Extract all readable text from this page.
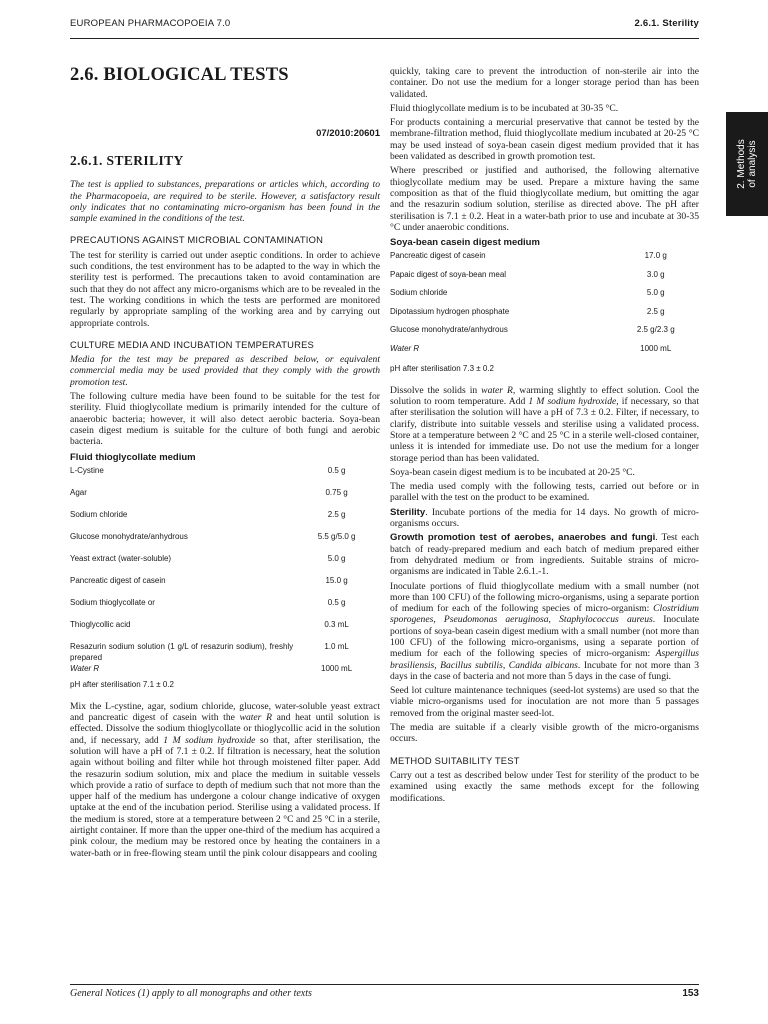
EUROPEAN PHARMACOPOEIA 7.0	2.6.1. Sterility
2. Methods of analysis
2.6. BIOLOGICAL TESTS
07/2010:20601
2.6.1. STERILITY

The test is applied to substances, preparations or articles which, according to the Pharmacopoeia, are required to be sterile. However, a satisfactory result only indicates that no contaminating micro-organism has been found in the sample examined in the conditions of the test.

PRECAUTIONS AGAINST MICROBIAL CONTAMINATION

The test for sterility is carried out under aseptic conditions. In order to achieve such conditions, the test environment has to be adapted to the way in which the sterility test is performed. The precautions taken to avoid contamination are such that they do not affect any micro-organisms which are to be revealed in the test. The working conditions in which the tests are performed are monitored regularly by appropriate sampling of the working area and by carrying out appropriate controls.

CULTURE MEDIA AND INCUBATION TEMPERATURES

Media for the test may be prepared as described below, or equivalent commercial media may be used provided that they comply with the growth promotion test.

The following culture media have been found to be suitable for the test for sterility. Fluid thioglycollate medium is primarily intended for the culture of anaerobic bacteria; however, it will also detect aerobic bacteria. Soya-bean casein digest medium is suitable for the culture of both fungi and aerobic bacteria.

Fluid thioglycollate medium
L-Cystine	0.5 g
Agar	0.75 g
Sodium chloride	2.5 g
Glucose monohydrate/anhydrous	5.5 g/5.0 g
Yeast extract (water-soluble)	5.0 g
Pancreatic digest of casein	15.0 g
Sodium thioglycollate or	0.5 g
Thioglycollic acid	0.3 mL
Resazurin sodium solution (1 g/L of resazurin sodium), freshly prepared	1.0 mL
Water R	1000 mL
pH after sterilisation 7.1 ± 0.2

Mix the L-cystine, agar, sodium chloride, glucose, water-soluble yeast extract and pancreatic digest of casein with the water R and heat until solution is effected. Dissolve the sodium thioglycollate or thioglycollic acid in the solution and, if necessary, add 1 M sodium hydroxide so that, after sterilisation, the solution will have a pH of 7.1 ± 0.2. If filtration is necessary, heat the solution again without boiling and filter while hot through moistened filter paper. Add the resazurin sodium solution, mix and place the medium in suitable vessels which provide a ratio of surface to depth of medium such that not more than the upper half of the medium has undergone a colour change indicative of oxygen uptake at the end of the incubation period. Sterilise using a validated process. If the medium is stored, store at a temperature between 2 °C and 25 °C in a sterile, airtight container. If more than the upper one-third of the medium has acquired a pink colour, the medium may be restored once by heating the containers in a water-bath or in free-flowing steam until the pink colour disappears and cooling

quickly, taking care to prevent the introduction of non-sterile air into the container. Do not use the medium for a longer storage period than has been validated.

Fluid thioglycollate medium is to be incubated at 30-35 °C.

For products containing a mercurial preservative that cannot be tested by the membrane-filtration method, fluid thioglycollate medium incubated at 20-25 °C may be used instead of soya-bean casein digest medium provided that it has been validated as described in growth promotion test.

Where prescribed or justified and authorised, the following alternative thioglycollate medium may be used. Prepare a mixture having the same composition as that of the fluid thioglycollate medium, but omitting the agar and the resazurin sodium solution, sterilise as directed above. The pH after sterilisation is 7.1 ± 0.2. Heat in a water-bath prior to use and incubate at 30-35 °C under anaerobic conditions.

Soya-bean casein digest medium
Pancreatic digest of casein	17.0 g
Papaic digest of soya-bean meal	3.0 g
Sodium chloride	5.0 g
Dipotassium hydrogen phosphate	2.5 g
Glucose monohydrate/anhydrous	2.5 g/2.3 g
Water R	1000 mL
pH after sterilisation 7.3 ± 0.2

Dissolve the solids in water R, warming slightly to effect solution. Cool the solution to room temperature. Add 1 M sodium hydroxide, if necessary, so that after sterilisation the solution will have a pH of 7.3 ± 0.2. Filter, if necessary, to clarify, distribute into suitable vessels and sterilise using a validated process. Store at a temperature between 2 °C and 25 °C in a sterile well-closed container, unless it is intended for immediate use. Do not use the medium for a longer storage period than has been validated.

Soya-bean casein digest medium is to be incubated at 20-25 °C.

The media used comply with the following tests, carried out before or in parallel with the test on the product to be examined.

Sterility. Incubate portions of the media for 14 days. No growth of micro-organisms occurs.

Growth promotion test of aerobes, anaerobes and fungi. Test each batch of ready-prepared medium and each batch of medium prepared either from dehydrated medium or from ingredients. Suitable strains of micro-organisms are indicated in Table 2.6.1.-1.

Inoculate portions of fluid thioglycollate medium with a small number (not more than 100 CFU) of the following micro-organisms, using a separate portion of medium for each of the following species of micro-organism: Clostridium sporogenes, Pseudomonas aeruginosa, Staphylococcus aureus. Inoculate portions of soya-bean casein digest medium with a small number (not more than 100 CFU) of the following micro-organisms, using a separate portion of medium for each of the following species of micro-organism: Aspergillus brasiliensis, Bacillus subtilis, Candida albicans. Incubate for not more than 3 days in the case of bacteria and not more than 5 days in the case of fungi.

Seed lot culture maintenance techniques (seed-lot systems) are used so that the viable micro-organisms used for inoculation are not more than 5 passages removed from the original master seed-lot.

The media are suitable if a clearly visible growth of the micro-organisms occurs.

METHOD SUITABILITY TEST

Carry out a test as described below under Test for sterility of the product to be examined using exactly the same methods except for the following modifications.

General Notices (1) apply to all monographs and other texts	153
